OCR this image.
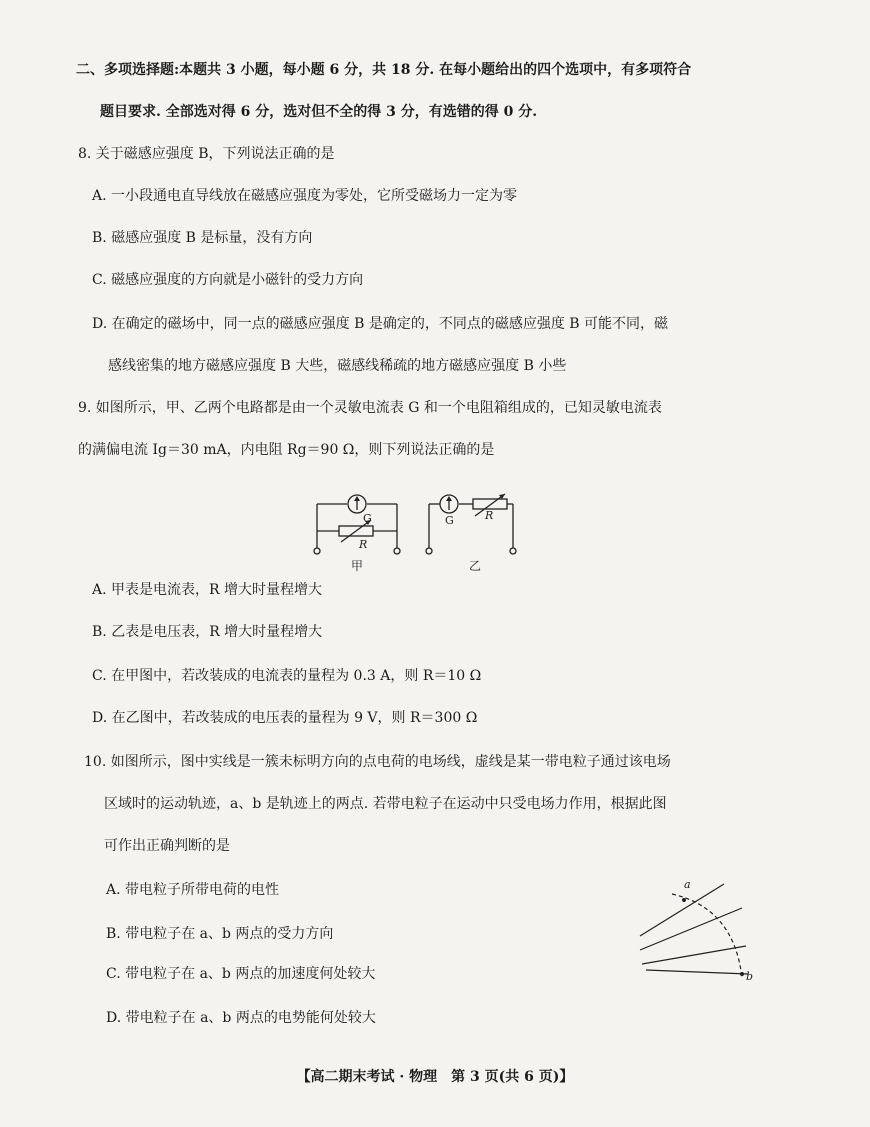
二、多项选择题:本题共 3 小题，每小题 6 分，共 18 分. 在每小题给出的四个选项中，有多项符合
题目要求. 全部选对得 6 分，选对但不全的得 3 分，有选错的得 0 分.
8. 关于磁感应强度 B，下列说法正确的是
A. 一小段通电直导线放在磁感应强度为零处，它所受磁场力一定为零
B. 磁感应强度 B 是标量，没有方向
C. 磁感应强度的方向就是小磁针的受力方向
D. 在确定的磁场中，同一点的磁感应强度 B 是确定的，不同点的磁感应强度 B 可能不同，磁
感线密集的地方磁感应强度 B 大些，磁感线稀疏的地方磁感应强度 B 小些
9. 如图所示，甲、乙两个电路都是由一个灵敏电流表 G 和一个电阻箱组成的，已知灵敏电流表
的满偏电流 Ig＝30 mA，内电阻 Rg＝90 Ω，则下列说法正确的是
G
R
G	R
甲	乙
A. 甲表是电流表，R 增大时量程增大
B. 乙表是电压表，R 增大时量程增大
C. 在甲图中，若改装成的电流表的量程为 0.3 A，则 R＝10 Ω
D. 在乙图中，若改装成的电压表的量程为 9 V，则 R＝300 Ω
10. 如图所示，图中实线是一簇未标明方向的点电荷的电场线，虚线是某一带电粒子通过该电场
区域时的运动轨迹，a、b 是轨迹上的两点. 若带电粒子在运动中只受电场力作用，根据此图
可作出正确判断的是
A. 带电粒子所带电荷的电性
B. 带电粒子在 a、b 两点的受力方向
C. 带电粒子在 a、b 两点的加速度何处较大
D. 带电粒子在 a、b 两点的电势能何处较大
a
b
【高二期末考试 · 物理　第 3 页(共 6 页)】
